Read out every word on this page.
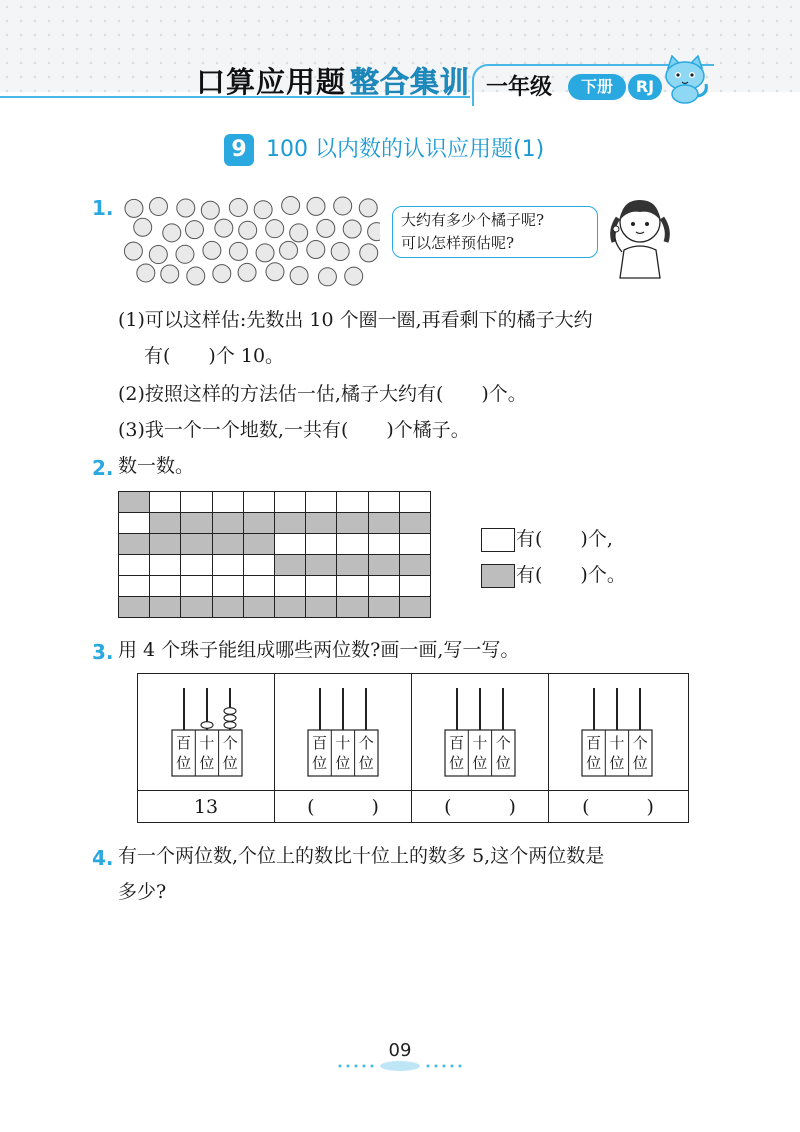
口算应用题 整合集训 一年级	下册	RJ
9 100 以内数的认识应用题(1)
1.	大约有多少个橘子呢?
可以怎样预估呢?
(1)可以这样估:先数出 10 个圈一圈,再看剩下的橘子大约
有(　　)个 10。
(2)按照这样的方法估一估,橘子大约有(　　)个。
(3)我一个一个地数,一共有(　　)个橘子。
2. 数一数。

有(　　)个,
有(　　)个。
3. 用 4 个珠子能组成哪些两位数?画一画,写一写。
百
位
十
位
个
位
百
位
十
位
个
位
百
位
十
位
个
位
百
位
十
位
个
位
13	(　　　)	(　　　)	(　　　)
4. 有一个两位数,个位上的数比十位上的数多 5,这个两位数是
多少?
09
